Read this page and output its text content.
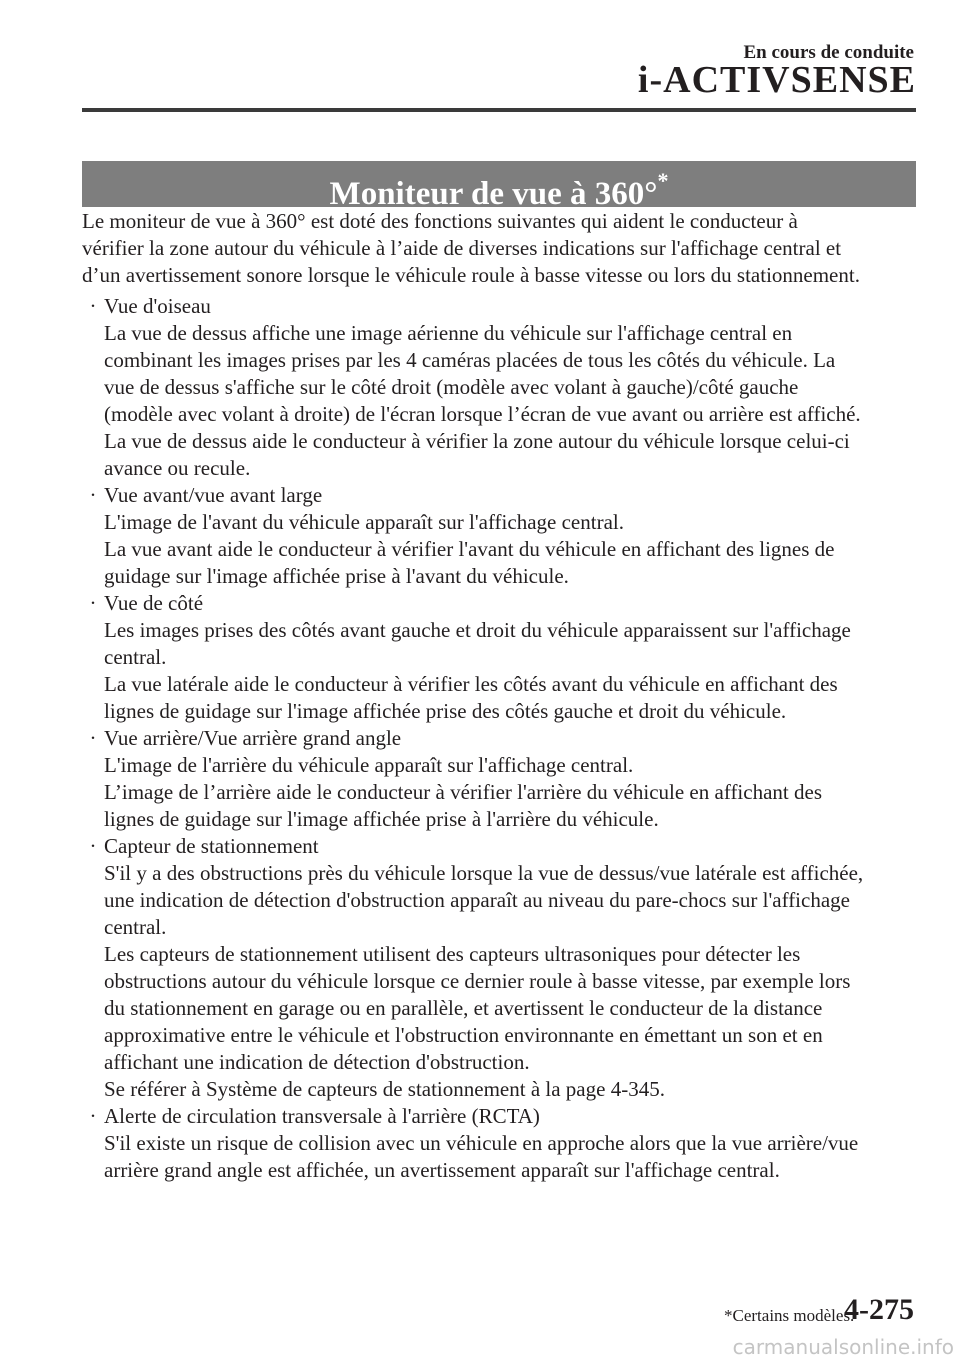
En cours de conduite
i-ACTIVSENSE
Moniteur de vue à 360°*

Le moniteur de vue à 360° est doté des fonctions suivantes qui aident le conducteur à

vérifier la zone autour du véhicule à l’aide de diverses indications sur l'affichage central et

d’un avertissement sonore lorsque le véhicule roule à basse vitesse ou lors du stationnement.

· Vue d'oiseau

La vue de dessus affiche une image aérienne du véhicule sur l'affichage central en

combinant les images prises par les 4 caméras placées de tous les côtés du véhicule. La

vue de dessus s'affiche sur le côté droit (modèle avec volant à gauche)/côté gauche

(modèle avec volant à droite) de l'écran lorsque l’écran de vue avant ou arrière est affiché.

La vue de dessus aide le conducteur à vérifier la zone autour du véhicule lorsque celui-ci

avance ou recule.

· Vue avant/vue avant large

L'image de l'avant du véhicule apparaît sur l'affichage central.

La vue avant aide le conducteur à vérifier l'avant du véhicule en affichant des lignes de

guidage sur l'image affichée prise à l'avant du véhicule.

· Vue de côté

Les images prises des côtés avant gauche et droit du véhicule apparaissent sur l'affichage

central.

La vue latérale aide le conducteur à vérifier les côtés avant du véhicule en affichant des

lignes de guidage sur l'image affichée prise des côtés gauche et droit du véhicule.

· Vue arrière/Vue arrière grand angle

L'image de l'arrière du véhicule apparaît sur l'affichage central.

L’image de l’arrière aide le conducteur à vérifier l'arrière du véhicule en affichant des

lignes de guidage sur l'image affichée prise à l'arrière du véhicule.

· Capteur de stationnement

S'il y a des obstructions près du véhicule lorsque la vue de dessus/vue latérale est affichée,

une indication de détection d'obstruction apparaît au niveau du pare-chocs sur l'affichage

central.

Les capteurs de stationnement utilisent des capteurs ultrasoniques pour détecter les

obstructions autour du véhicule lorsque ce dernier roule à basse vitesse, par exemple lors

du stationnement en garage ou en parallèle, et avertissent le conducteur de la distance

approximative entre le véhicule et l'obstruction environnante en émettant un son et en

affichant une indication de détection d'obstruction.

Se référer à Système de capteurs de stationnement à la page 4-345.

· Alerte de circulation transversale à l'arrière (RCTA)

S'il existe un risque de collision avec un véhicule en approche alors que la vue arrière/vue

arrière grand angle est affichée, un avertissement apparaît sur l'affichage central.

*Certains modèles.
4-275
carmanualsonline.info
